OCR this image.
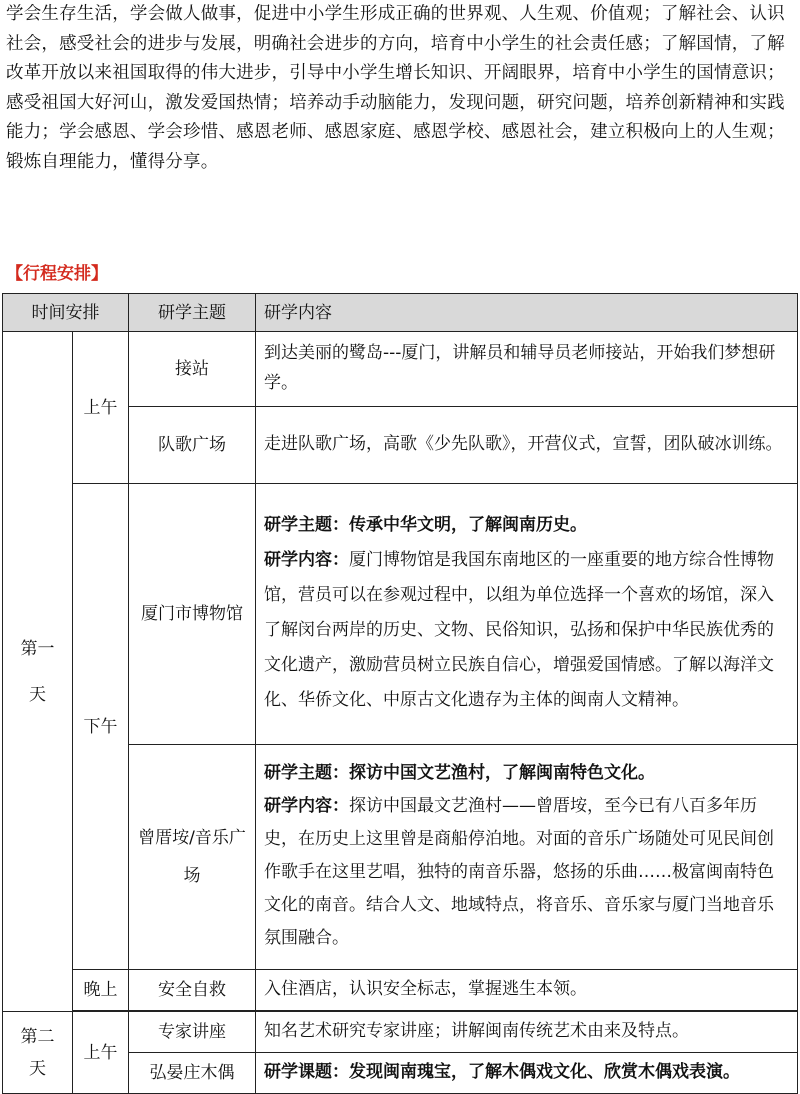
学会生存生活，学会做人做事，促进中小学生形成正确的世界观、人生观、价值观；了解社会、认识社会，感受社会的进步与发展，明确社会进步的方向，培育中小学生的社会责任感；了解国情，了解改革开放以来祖国取得的伟大进步，引导中小学生增长知识、开阔眼界，培育中小学生的国情意识；感受祖国大好河山，激发爱国热情；培养动手动脑能力，发现问题，研究问题，培养创新精神和实践能力；学会感恩、学会珍惜、感恩老师、感恩家庭、感恩学校、感恩社会，建立积极向上的人生观；锻炼自理能力，懂得分享。
【行程安排】
时间安排		研学主题	研学内容

第一天	上午	接站	到达美丽的鹭岛---厦门，讲解员和辅导员老师接站，开始我们梦想研学。
		队歌广场	走进队歌广场，高歌《少先队歌》，开营仪式，宣誓，团队破冰训练。
	下午	厦门市博物馆	研学主题：传承中华文明，了解闽南历史。

研学内容：厦门博物馆是我国东南地区的一座重要的地方综合性博物馆，营员可以在参观过程中，以组为单位选择一个喜欢的场馆，深入了解闵台两岸的历史、文物、民俗知识，弘扬和保护中华民族优秀的文化遗产，激励营员树立民族自信心，增强爱国情感。了解以海洋文化、华侨文化、中原古文化遗存为主体的闽南人文精神。

		曾厝垵/音乐广场	研学主题：探访中国文艺渔村，了解闽南特色文化。

研学内容：探访中国最文艺渔村——曾厝垵，至今已有八百多年历史，在历史上这里曾是商船停泊地。对面的音乐广场随处可见民间创作歌手在这里艺唱，独特的南音乐器，悠扬的乐曲……极富闽南特色文化的南音。结合人文、地域特点，将音乐、音乐家与厦门当地音乐氛围融合。

	晚上	安全自救	入住酒店，认识安全标志，掌握逃生本领。

第二天	上午	专家讲座	知名艺术研究专家讲座；讲解闽南传统艺术由来及特点。
		弘晏庄木偶	研学课题：发现闽南瑰宝，了解木偶戏文化、欣赏木偶戏表演。
